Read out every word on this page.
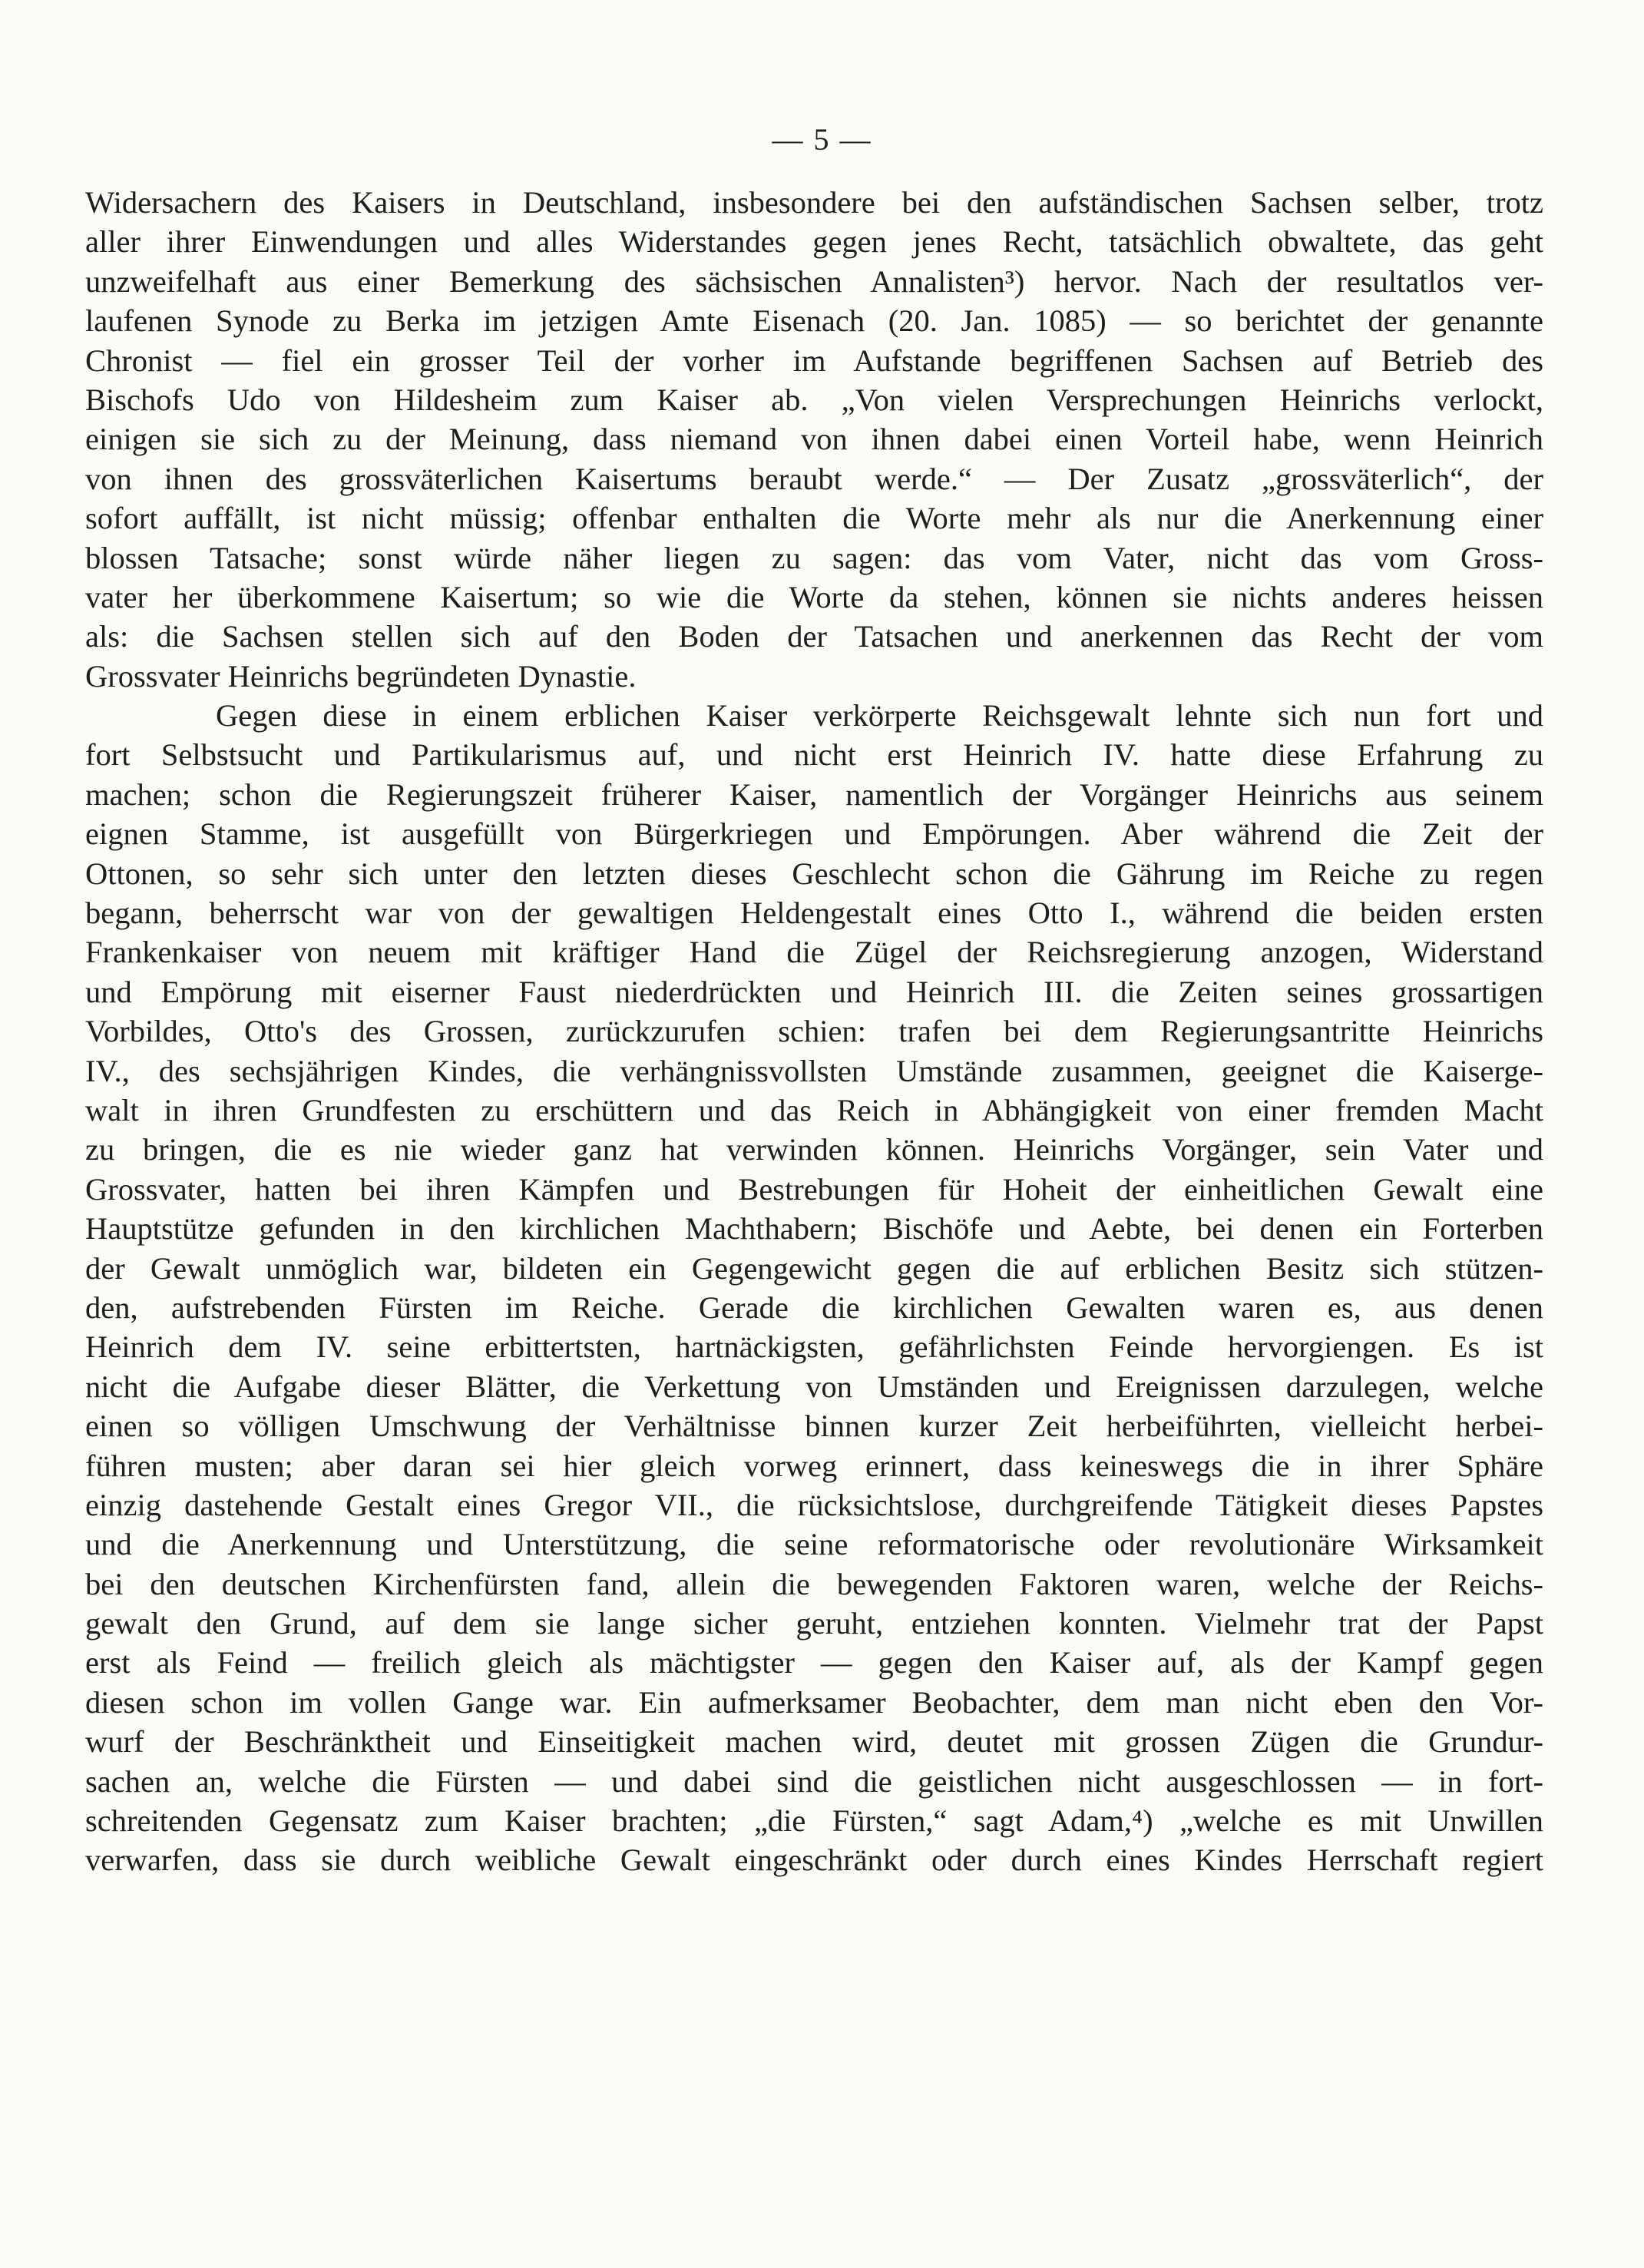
— 5 —
Widersachern des Kaisers in Deutschland, insbesondere bei den aufständischen Sachsen selber, trotz
aller ihrer Einwendungen und alles Widerstandes gegen jenes Recht, tatsächlich obwaltete, das geht
unzweifelhaft aus einer Bemerkung des sächsischen Annalisten³) hervor. Nach der resultatlos ver-
laufenen Synode zu Berka im jetzigen Amte Eisenach (20. Jan. 1085) — so berichtet der genannte
Chronist — fiel ein grosser Teil der vorher im Aufstande begriffenen Sachsen auf Betrieb des
Bischofs Udo von Hildesheim zum Kaiser ab. „Von vielen Versprechungen Heinrichs verlockt,
einigen sie sich zu der Meinung, dass niemand von ihnen dabei einen Vorteil habe, wenn Heinrich
von ihnen des grossväterlichen Kaisertums beraubt werde.“ — Der Zusatz „grossväterlich“, der
sofort auffällt, ist nicht müssig; offenbar enthalten die Worte mehr als nur die Anerkennung einer
blossen Tatsache; sonst würde näher liegen zu sagen: das vom Vater, nicht das vom Gross-
vater her überkommene Kaisertum; so wie die Worte da stehen, können sie nichts anderes heissen
als: die Sachsen stellen sich auf den Boden der Tatsachen und anerkennen das Recht der vom
Grossvater Heinrichs begründeten Dynastie.
Gegen diese in einem erblichen Kaiser verkörperte Reichsgewalt lehnte sich nun fort und
fort Selbstsucht und Partikularismus auf, und nicht erst Heinrich IV. hatte diese Erfahrung zu
machen; schon die Regierungszeit früherer Kaiser, namentlich der Vorgänger Heinrichs aus seinem
eignen Stamme, ist ausgefüllt von Bürgerkriegen und Empörungen. Aber während die Zeit der
Ottonen, so sehr sich unter den letzten dieses Geschlecht schon die Gährung im Reiche zu regen
begann, beherrscht war von der gewaltigen Heldengestalt eines Otto I., während die beiden ersten
Frankenkaiser von neuem mit kräftiger Hand die Zügel der Reichsregierung anzogen, Widerstand
und Empörung mit eiserner Faust niederdrückten und Heinrich III. die Zeiten seines grossartigen
Vorbildes, Otto's des Grossen, zurückzurufen schien: trafen bei dem Regierungsantritte Heinrichs
IV., des sechsjährigen Kindes, die verhängnissvollsten Umstände zusammen, geeignet die Kaiserge-
walt in ihren Grundfesten zu erschüttern und das Reich in Abhängigkeit von einer fremden Macht
zu bringen, die es nie wieder ganz hat verwinden können. Heinrichs Vorgänger, sein Vater und
Grossvater, hatten bei ihren Kämpfen und Bestrebungen für Hoheit der einheitlichen Gewalt eine
Hauptstütze gefunden in den kirchlichen Machthabern; Bischöfe und Aebte, bei denen ein Forterben
der Gewalt unmöglich war, bildeten ein Gegengewicht gegen die auf erblichen Besitz sich stützen-
den, aufstrebenden Fürsten im Reiche. Gerade die kirchlichen Gewalten waren es, aus denen
Heinrich dem IV. seine erbittertsten, hartnäckigsten, gefährlichsten Feinde hervorgiengen. Es ist
nicht die Aufgabe dieser Blätter, die Verkettung von Umständen und Ereignissen darzulegen, welche
einen so völligen Umschwung der Verhältnisse binnen kurzer Zeit herbeiführten, vielleicht herbei-
führen musten; aber daran sei hier gleich vorweg erinnert, dass keineswegs die in ihrer Sphäre
einzig dastehende Gestalt eines Gregor VII., die rücksichtslose, durchgreifende Tätigkeit dieses Papstes
und die Anerkennung und Unterstützung, die seine reformatorische oder revolutionäre Wirksamkeit
bei den deutschen Kirchenfürsten fand, allein die bewegenden Faktoren waren, welche der Reichs-
gewalt den Grund, auf dem sie lange sicher geruht, entziehen konnten. Vielmehr trat der Papst
erst als Feind — freilich gleich als mächtigster — gegen den Kaiser auf, als der Kampf gegen
diesen schon im vollen Gange war. Ein aufmerksamer Beobachter, dem man nicht eben den Vor-
wurf der Beschränktheit und Einseitigkeit machen wird, deutet mit grossen Zügen die Grundur-
sachen an, welche die Fürsten — und dabei sind die geistlichen nicht ausgeschlossen — in fort-
schreitenden Gegensatz zum Kaiser brachten; „die Fürsten,“ sagt Adam,⁴) „welche es mit Unwillen
verwarfen, dass sie durch weibliche Gewalt eingeschränkt oder durch eines Kindes Herrschaft regiert
